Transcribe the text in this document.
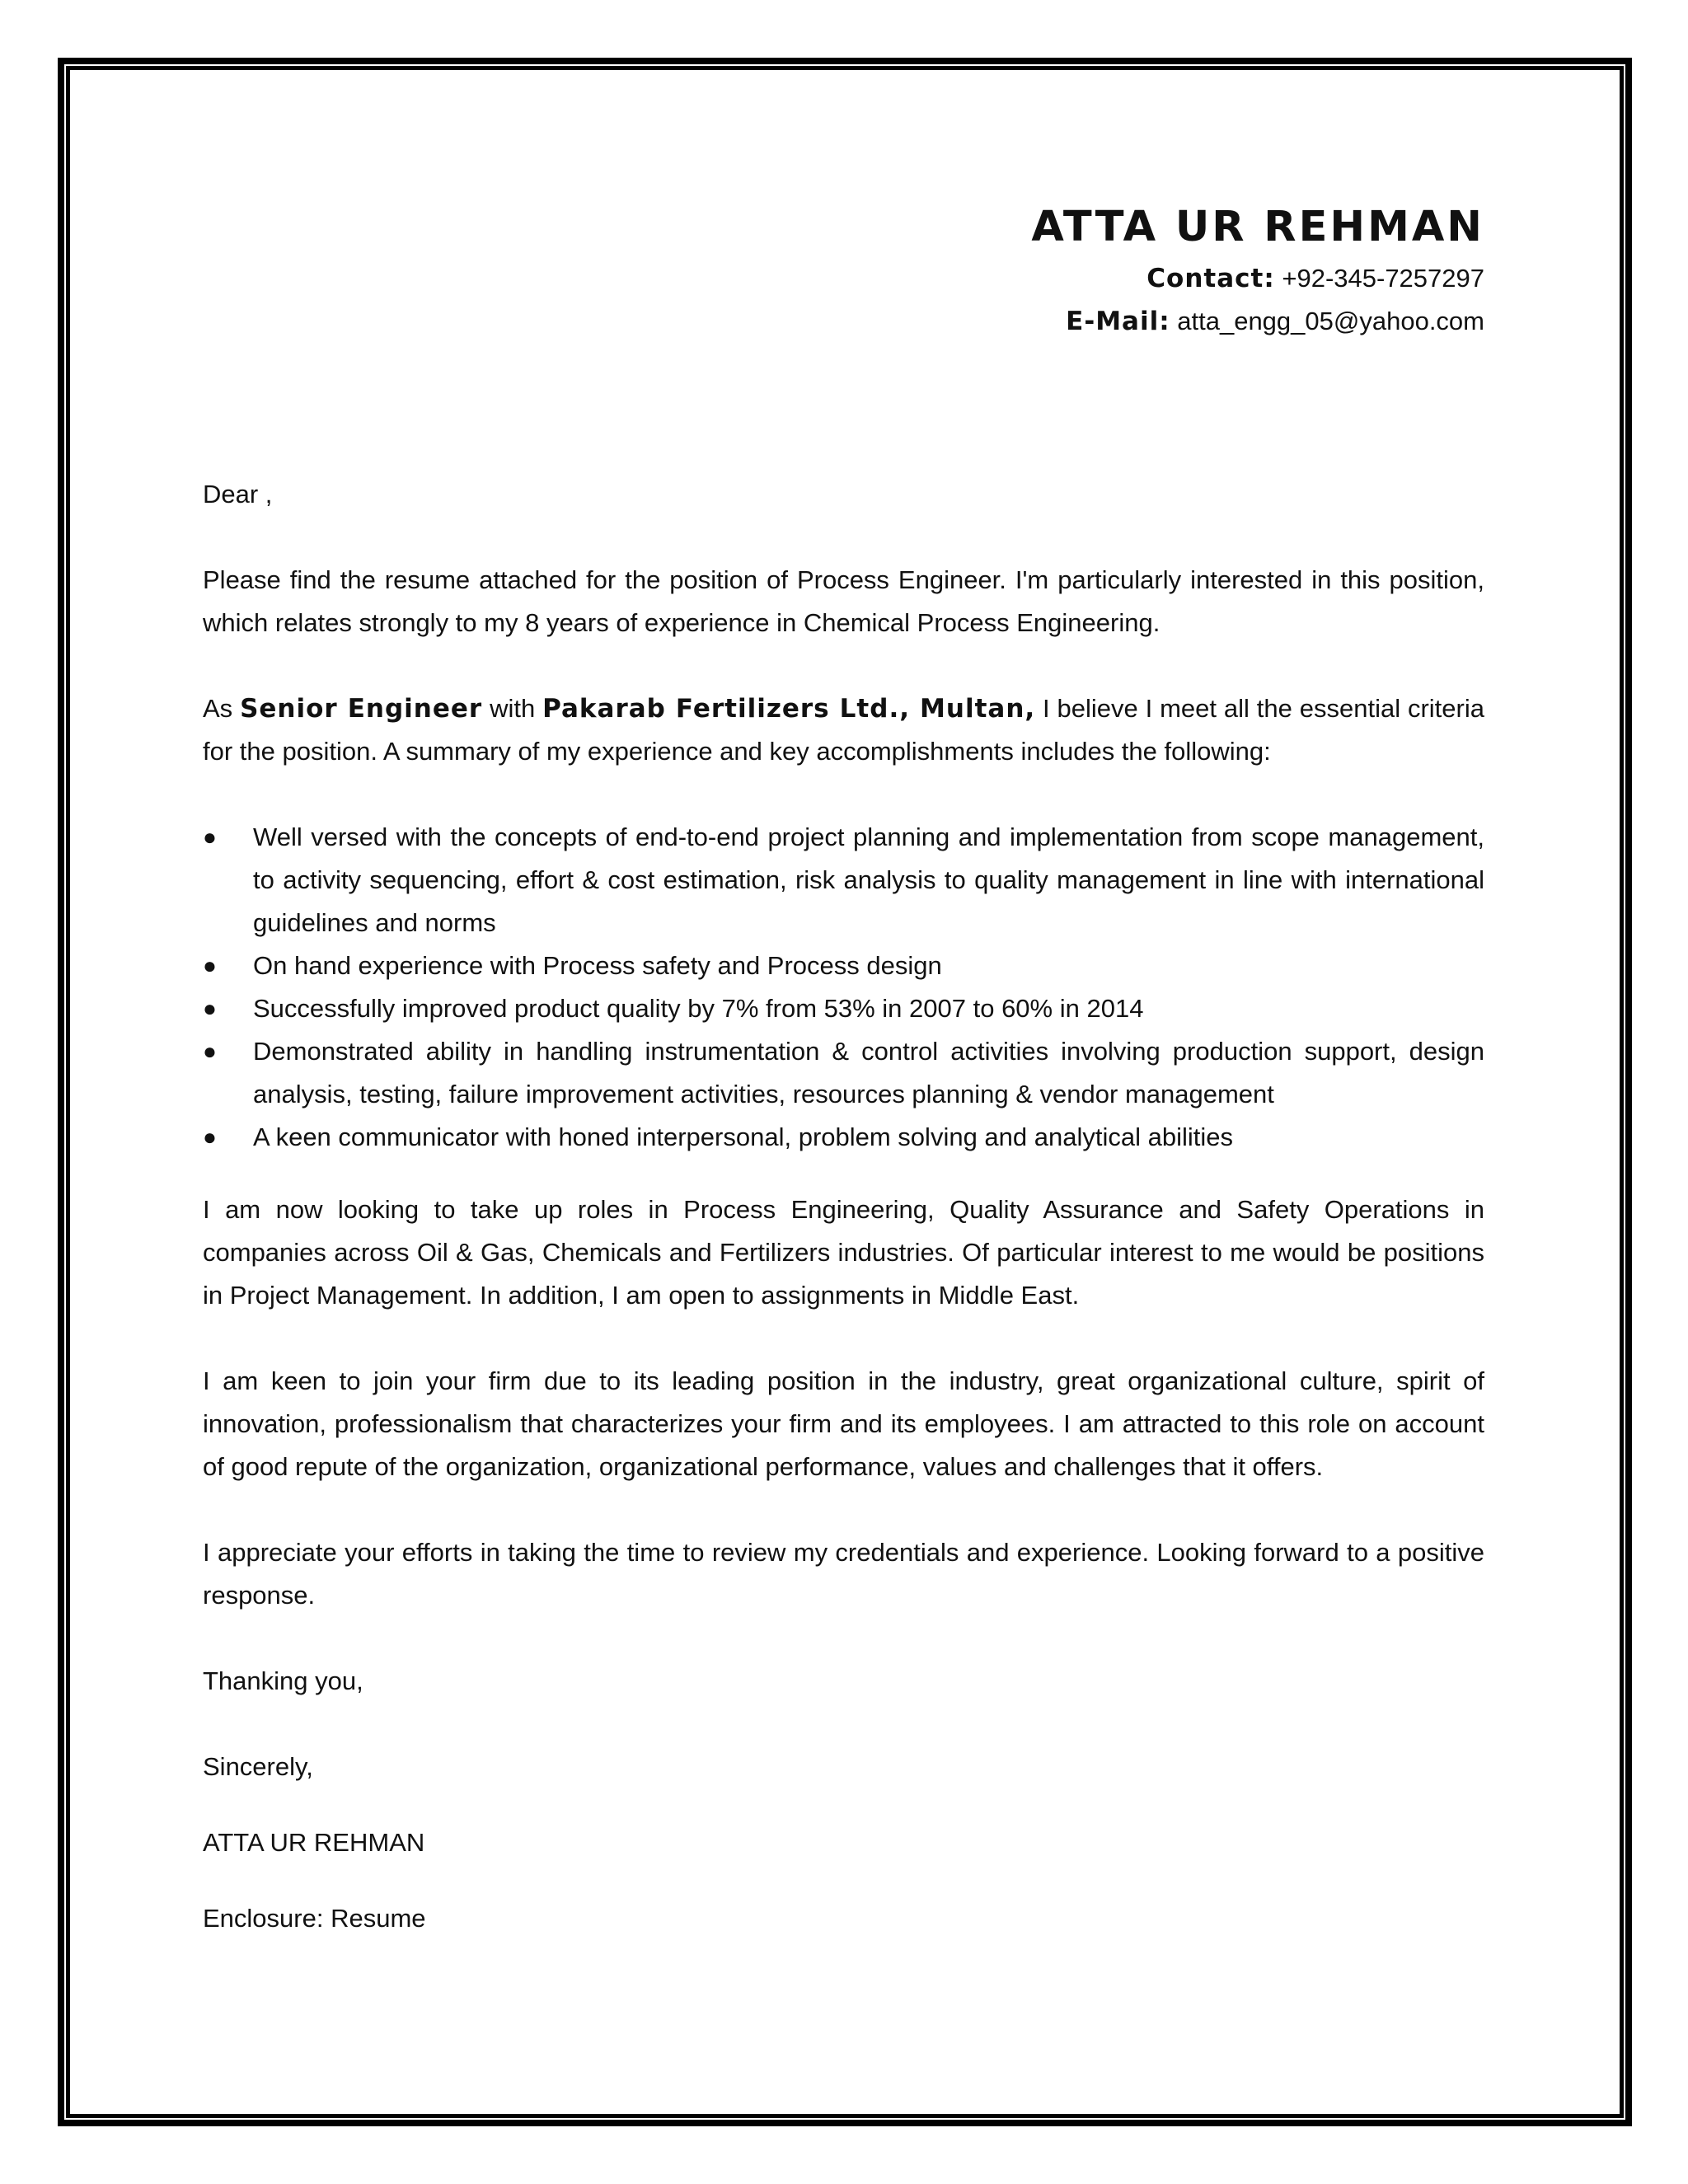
ATTA UR REHMAN
Contact: +92-345-7257297
E-Mail: atta_engg_05@yahoo.com

Dear ,

Please find the resume attached for the position of Process Engineer. I'm particularly interested in this position, which relates strongly to my 8 years of experience in Chemical Process Engineering.

As Senior Engineer with Pakarab Fertilizers Ltd., Multan, I believe I meet all the essential criteria for the position. A summary of my experience and key accomplishments includes the following:

● Well versed with the concepts of end-to-end project planning and implementation from scope management, to activity sequencing, effort & cost estimation, risk analysis to quality management in line with international guidelines and norms
● On hand experience with Process safety and Process design
● Successfully improved product quality by 7% from 53% in 2007 to 60% in 2014
● Demonstrated ability in handling instrumentation & control activities involving production support, design analysis, testing, failure improvement activities, resources planning & vendor management
● A keen communicator with honed interpersonal, problem solving and analytical abilities

I am now looking to take up roles in Process Engineering, Quality Assurance and Safety Operations in companies across Oil & Gas, Chemicals and Fertilizers industries. Of particular interest to me would be positions in Project Management. In addition, I am open to assignments in Middle East.

I am keen to join your firm due to its leading position in the industry, great organizational culture, spirit of innovation, professionalism that characterizes your firm and its employees. I am attracted to this role on account of good repute of the organization, organizational performance, values and challenges that it offers.

I appreciate your efforts in taking the time to review my credentials and experience. Looking forward to a positive response.

Thanking you,

Sincerely,

ATTA UR REHMAN

Enclosure: Resume
